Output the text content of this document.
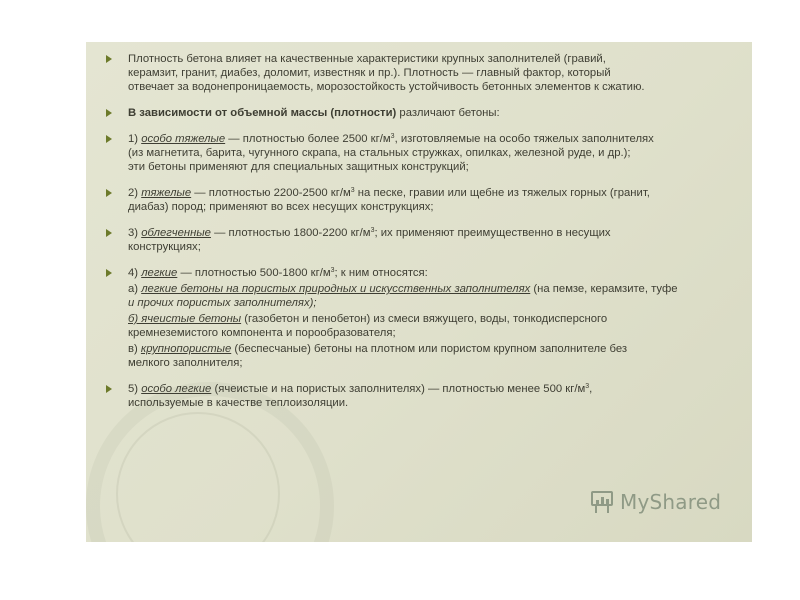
Плотность бетона влияет на качественные характеристики крупных заполнителей (гравий,
керамзит, гранит, диабез, доломит, известняк и пр.). Плотность — главный фактор, который
отвечает за водонепроницаемость, морозостойкость устойчивость бетонных элементов к сжатию.
В зависимости от объемной массы (плотности) различают бетоны:
1) особо тяжелые — плотностью более 2500 $кг/м^3$, изготовляемые на особо тяжелых заполнителях
(из магнетита, барита, чугунного скрапа, на стальных стружках, опилках, железной руде, и др.);
эти бетоны применяют для специальных защитных конструкций;
2) тяжелые — плотностью 2200-2500 $кг/м^3$ на песке, гравии или щебне из тяжелых горных (гранит,
диабаз) пород; применяют во всех несущих конструкциях;
3) облегченные — плотностью 1800-2200 $кг/м^3$; их применяют преимущественно в несущих
конструкциях;
4) легкие — плотностью 500-1800 $кг/м^3$; к ним относятся:
а) легкие бетоны на пористых природных и искусственных заполнителях (на пемзе, керамзите, туфе
и прочих пористых заполнителях);
б) ячеистые бетоны (газобетон и пенобетон) из смеси вяжущего, воды, тонкодисперсного
кремнеземистого компонента и порообразователя;
в) крупнопористые (беспесчаные) бетоны на плотном или пористом крупном заполнителе без
мелкого заполнителя;
5) особо легкие (ячеистые и на пористых заполнителях) — плотностью менее 500 $кг/м^3$,
используемые в качестве теплоизоляции.
MyShared
